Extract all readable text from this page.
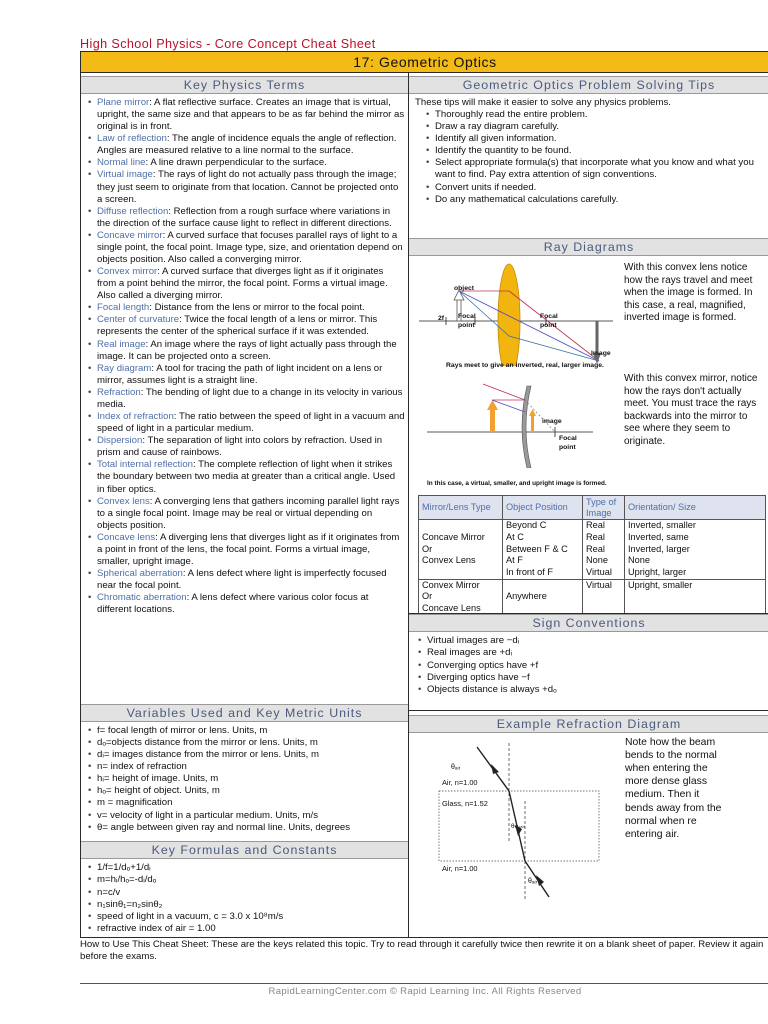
High School Physics - Core Concept Cheat Sheet
17: Geometric Optics
Key Physics Terms
• Plane mirror: A flat reflective surface. Creates an image that is virtual, upright, the same size and that appears to be as far behind the mirror as original is in front.
• Law of reflection: The angle of incidence equals the angle of reflection. Angles are measured relative to a line normal to the surface.
• Normal line: A line drawn perpendicular to the surface.
• Virtual image: The rays of light do not actually pass through the image; they just seem to originate from that location. Cannot be projected onto a screen.
• Diffuse reflection: Reflection from a rough surface where variations in the direction of the surface cause light to reflect in different directions.
• Concave mirror: A curved surface that focuses parallel rays of light to a single point, the focal point. Image type, size, and orientation depend on objects position. Also called a converging mirror.
• Convex mirror: A curved surface that diverges light as if it originates from a point behind the mirror, the focal point. Forms a virtual image. Also called a diverging mirror.
• Focal length: Distance from the lens or mirror to the focal point.
• Center of curvature: Twice the focal length of a lens or mirror. This represents the center of the spherical surface if it was extended.
• Real image: An image where the rays of light actually pass through the image. It can be projected onto a screen.
• Ray diagram: A tool for tracing the path of light incident on a lens or mirror, assumes light is a straight line.
• Refraction: The bending of light due to a change in its velocity in various media.
• Index of refraction: The ratio between the speed of light in a vacuum and speed of light in a particular medium.
• Dispersion: The separation of light into colors by refraction. Used in prism and cause of rainbows.
• Total internal reflection: The complete reflection of light when it strikes the boundary between two media at greater than a critical angle. Used in fiber optics.
• Convex lens: A converging lens that gathers incoming parallel light rays to a single focal point. Image may be real or virtual depending on objects position.
• Concave lens: A diverging lens that diverges light as if it originates from a point in front of the lens, the focal point. Forms a virtual image, smaller, upright image.
• Spherical aberration: A lens defect where light is imperfectly focused near the focal point.
• Chromatic aberration: A lens defect where various color focus at different locations.
Variables Used and Key Metric Units
• f= focal length of mirror or lens. Units, m
• dₒ=objects distance from the mirror or lens. Units, m
• dᵢ= images distance from the mirror or lens. Units, m
• n= index of refraction
• hᵢ= height of image. Units, m
• hₒ= height of object. Units, m
• m = magnification
• v= velocity of light in a particular medium. Units, m/s
• θ= angle between given ray and normal line. Units, degrees
Key Formulas and Constants
• 1/f=1/dₒ+1/dᵢ
• m=hᵢ/hₒ=-dᵢ/dₒ
• n=c/v
• n₁sinθ₁=n₂sinθ₂
• speed of light in a vacuum, c = 3.0 x 10⁸m/s
• refractive index of air = 1.00
Geometric Optics Problem Solving Tips
These tips will make it easier to solve any physics problems.
• Thoroughly read the entire problem.
• Draw a ray diagram carefully.
• Identify all given information.
• Identify the quantity to be found.
• Select appropriate formula(s) that incorporate what you know and what you want to find. Pay extra attention of sign conventions.
• Convert units if needed.
• Do any mathematical calculations carefully.
Ray Diagrams
object
2f Focal point
Focal point
Image
Rays meet to give an inverted, real, larger image.
With this convex lens notice how the rays travel and meet when the image is formed. In this case, a real, magnified, inverted image is formed.
image
Focal point
In this case, a virtual, smaller, and upright image is formed.
With this convex mirror, notice how the rays don't actually meet. You must trace the rays backwards into the mirror to see where they seem to originate.
Mirror/Lens Type	Object Position	Type of Image	Orientation/ Size
	Beyond C	Real	Inverted, smaller
Concave Mirror	At C	Real	Inverted, same
Or	Between F & C	Real	Inverted, larger
Convex Lens	At F	None	None
	In front of F	Virtual	Upright, larger

Convex Mirror
Or
Concave Lens	Anywhere	Virtual	Upright, smaller
Sign Conventions
• Virtual images are −dᵢ
• Real images are +dᵢ
• Converging optics have +f
• Diverging optics have −f
• Objects distance is always +dₒ
Example Refraction Diagram
θₐᵢᵣ
Air, n=1.00
Glass, n=1.52
θₕₗₐₛₛ
Air, n=1.00
θₐᵢᵣ
Note how the beam bends to the normal when entering the more dense glass medium. Then it bends away from the normal when re entering air.
How to Use This Cheat Sheet: These are the keys related this topic. Try to read through it carefully twice then rewrite it on a blank sheet of paper. Review it again before the exams.
RapidLearningCenter.com © Rapid Learning Inc. All Rights Reserved
